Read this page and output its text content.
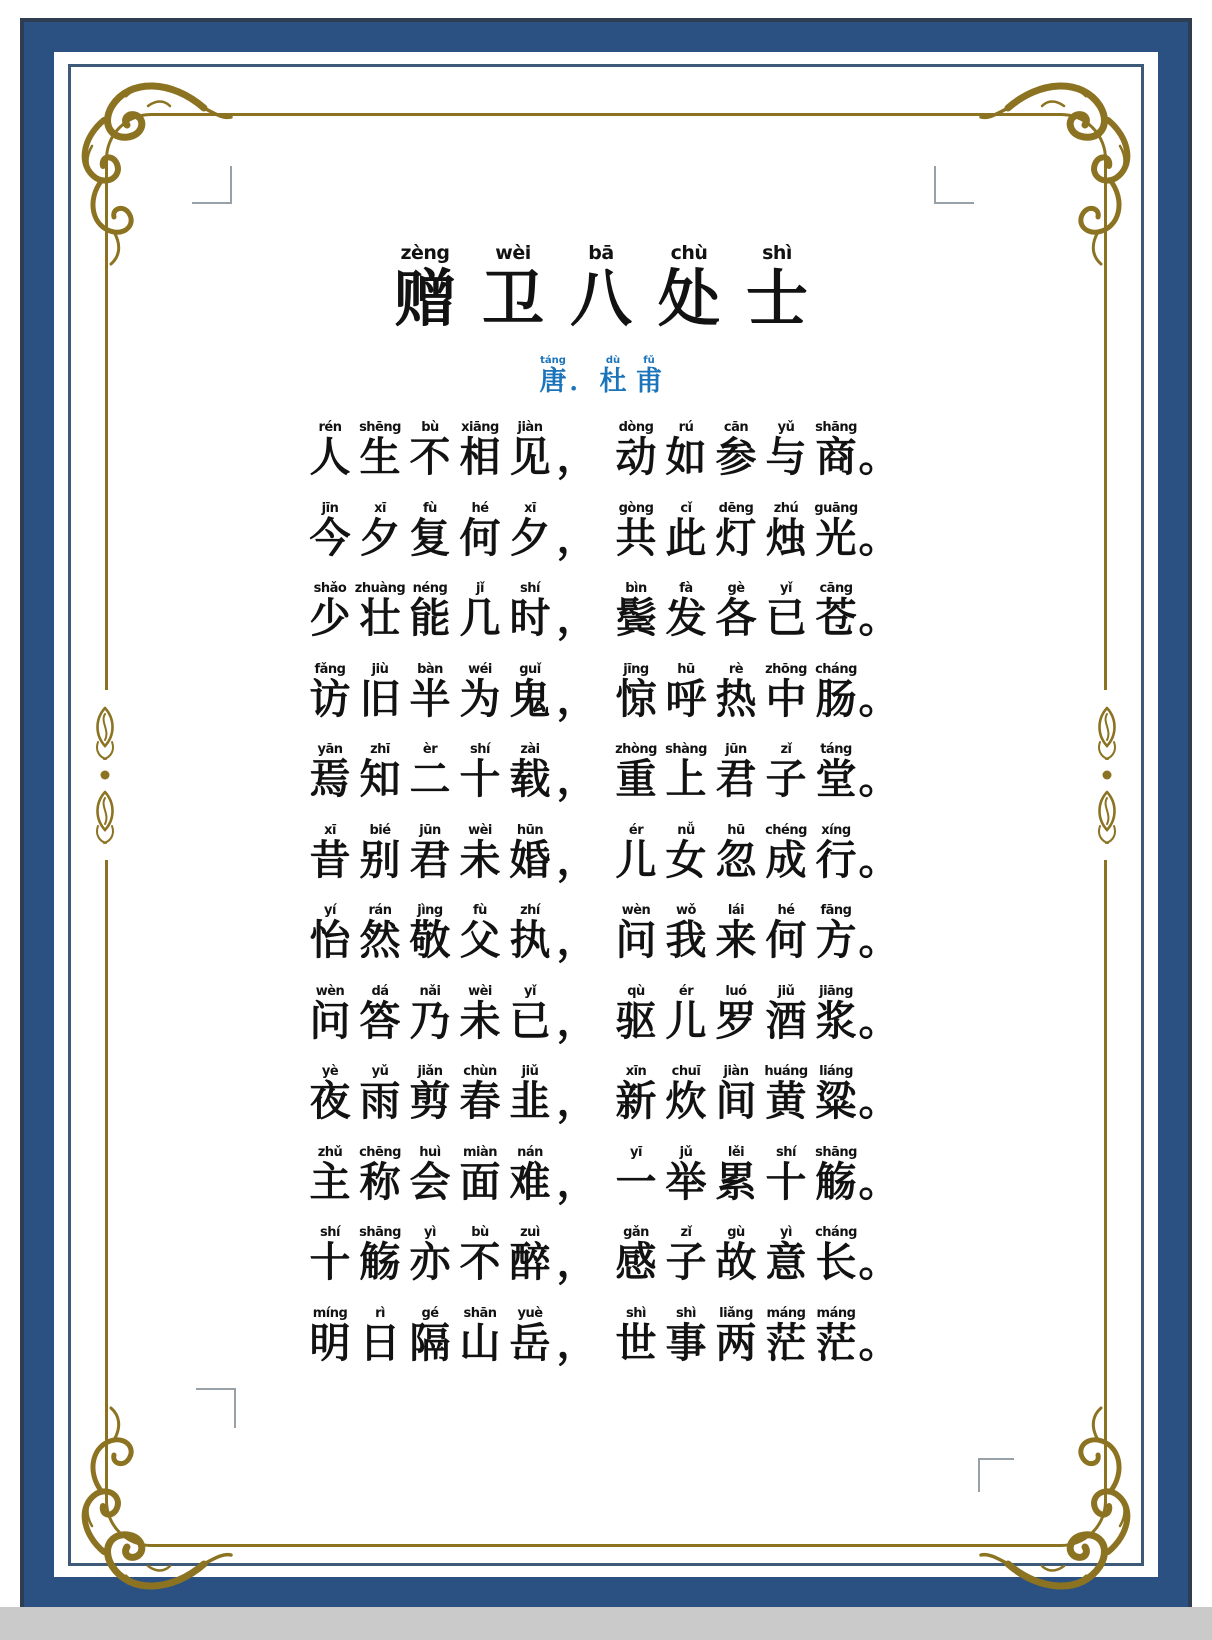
zèng
赠
wèi
卫
bā
八
chù
处
shì
士
táng
唐
．
dù
杜
fǔ
甫
rén
人
shēng
生
bù
不
xiāng
相
jiàn
见 ，
dòng
动
rú
如
cān
参
yǔ
与
shāng
商 。
jīn
今
xī
夕
fù
复
hé
何
xī
夕 ，
gòng
共
cǐ
此
dēng
灯
zhú
烛
guāng
光 。
shǎo
少
zhuàng
壮
néng
能
jǐ
几
shí
时 ，
bìn
鬓
fà
发
gè
各
yǐ
已
cāng
苍 。
fǎng
访
jiù
旧
bàn
半
wéi
为
guǐ
鬼 ，
jīng
惊
hū
呼
rè
热
zhōng
中
cháng
肠 。
yān
焉
zhī
知
èr
二
shí
十
zài
载 ，
zhòng
重
shàng
上
jūn
君
zǐ
子
táng
堂 。
xī
昔
bié
别
jūn
君
wèi
未
hūn
婚 ，
ér
儿
nǚ
女
hū
忽
chéng
成
xíng
行 。
yí
怡
rán
然
jìng
敬
fù
父
zhí
执 ，
wèn
问
wǒ
我
lái
来
hé
何
fāng
方 。
wèn
问
dá
答
nǎi
乃
wèi
未
yǐ
已 ，
qù
驱
ér
儿
luó
罗
jiǔ
酒
jiāng
浆 。
yè
夜
yǔ
雨
jiǎn
剪
chùn
春
jiǔ
韭 ，
xīn
新
chuī
炊
jiàn
间
huáng
黄
liáng
粱 。
zhǔ
主
chēng
称
huì
会
miàn
面
nán
难 ，
yī
一
jǔ
举
lěi
累
shí
十
shāng
觞 。
shí
十
shāng
觞
yì
亦
bù
不
zuì
醉 ，
gǎn
感
zǐ
子
gù
故
yì
意
cháng
长 。
míng
明
rì
日
gé
隔
shān
山
yuè
岳 ，
shì
世
shì
事
liǎng
两
máng
茫
máng
茫 。
